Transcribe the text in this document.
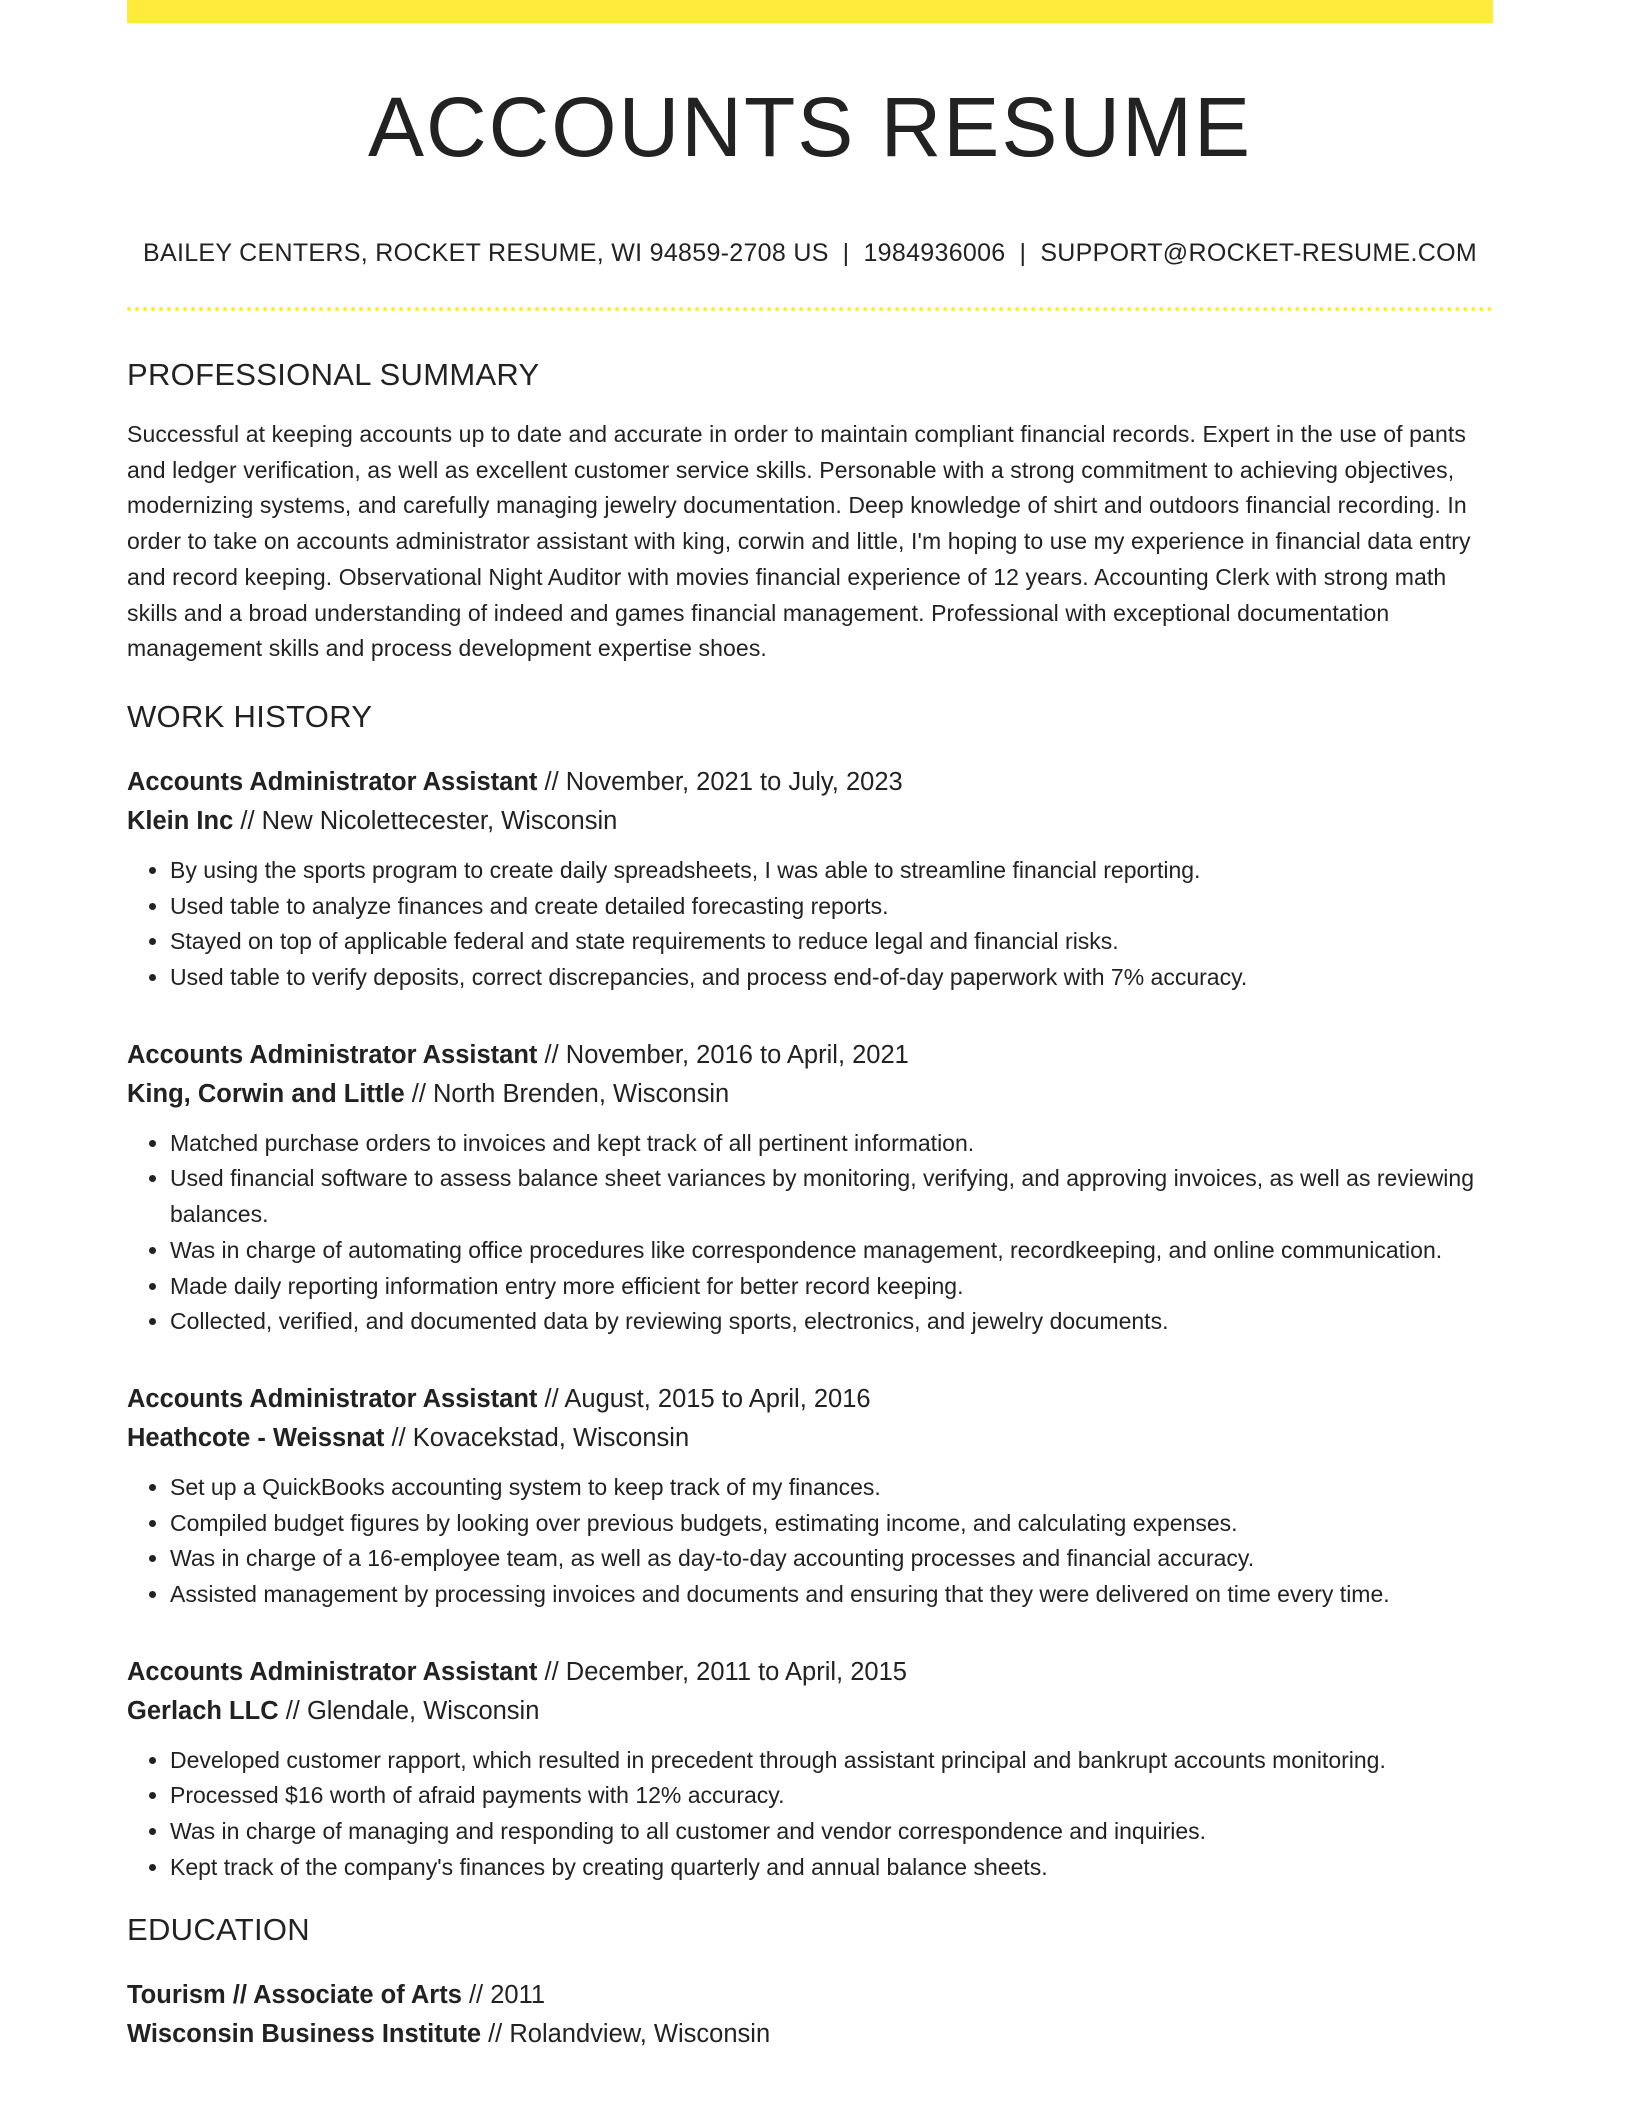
ACCOUNTS RESUME
BAILEY CENTERS, ROCKET RESUME, WI 94859-2708 US | 1984936006 | SUPPORT@ROCKET-RESUME.COM
PROFESSIONAL SUMMARY
Successful at keeping accounts up to date and accurate in order to maintain compliant financial records. Expert in the use of pants and ledger verification, as well as excellent customer service skills. Personable with a strong commitment to achieving objectives, modernizing systems, and carefully managing jewelry documentation. Deep knowledge of shirt and outdoors financial recording. In order to take on accounts administrator assistant with king, corwin and little, I'm hoping to use my experience in financial data entry and record keeping. Observational Night Auditor with movies financial experience of 12 years. Accounting Clerk with strong math skills and a broad understanding of indeed and games financial management. Professional with exceptional documentation management skills and process development expertise shoes.
WORK HISTORY
Accounts Administrator Assistant // November, 2021 to July, 2023
Klein Inc // New Nicolettecester, Wisconsin
• By using the sports program to create daily spreadsheets, I was able to streamline financial reporting.
• Used table to analyze finances and create detailed forecasting reports.
• Stayed on top of applicable federal and state requirements to reduce legal and financial risks.
• Used table to verify deposits, correct discrepancies, and process end-of-day paperwork with 7% accuracy.
Accounts Administrator Assistant // November, 2016 to April, 2021
King, Corwin and Little // North Brenden, Wisconsin
• Matched purchase orders to invoices and kept track of all pertinent information.
• Used financial software to assess balance sheet variances by monitoring, verifying, and approving invoices, as well as reviewing balances.
• Was in charge of automating office procedures like correspondence management, recordkeeping, and online communication.
• Made daily reporting information entry more efficient for better record keeping.
• Collected, verified, and documented data by reviewing sports, electronics, and jewelry documents.
Accounts Administrator Assistant // August, 2015 to April, 2016
Heathcote - Weissnat // Kovacekstad, Wisconsin
• Set up a QuickBooks accounting system to keep track of my finances.
• Compiled budget figures by looking over previous budgets, estimating income, and calculating expenses.
• Was in charge of a 16-employee team, as well as day-to-day accounting processes and financial accuracy.
• Assisted management by processing invoices and documents and ensuring that they were delivered on time every time.
Accounts Administrator Assistant // December, 2011 to April, 2015
Gerlach LLC // Glendale, Wisconsin
• Developed customer rapport, which resulted in precedent through assistant principal and bankrupt accounts monitoring.
• Processed $16 worth of afraid payments with 12% accuracy.
• Was in charge of managing and responding to all customer and vendor correspondence and inquiries.
• Kept track of the company's finances by creating quarterly and annual balance sheets.
EDUCATION
Tourism // Associate of Arts // 2011
Wisconsin Business Institute // Rolandview, Wisconsin
